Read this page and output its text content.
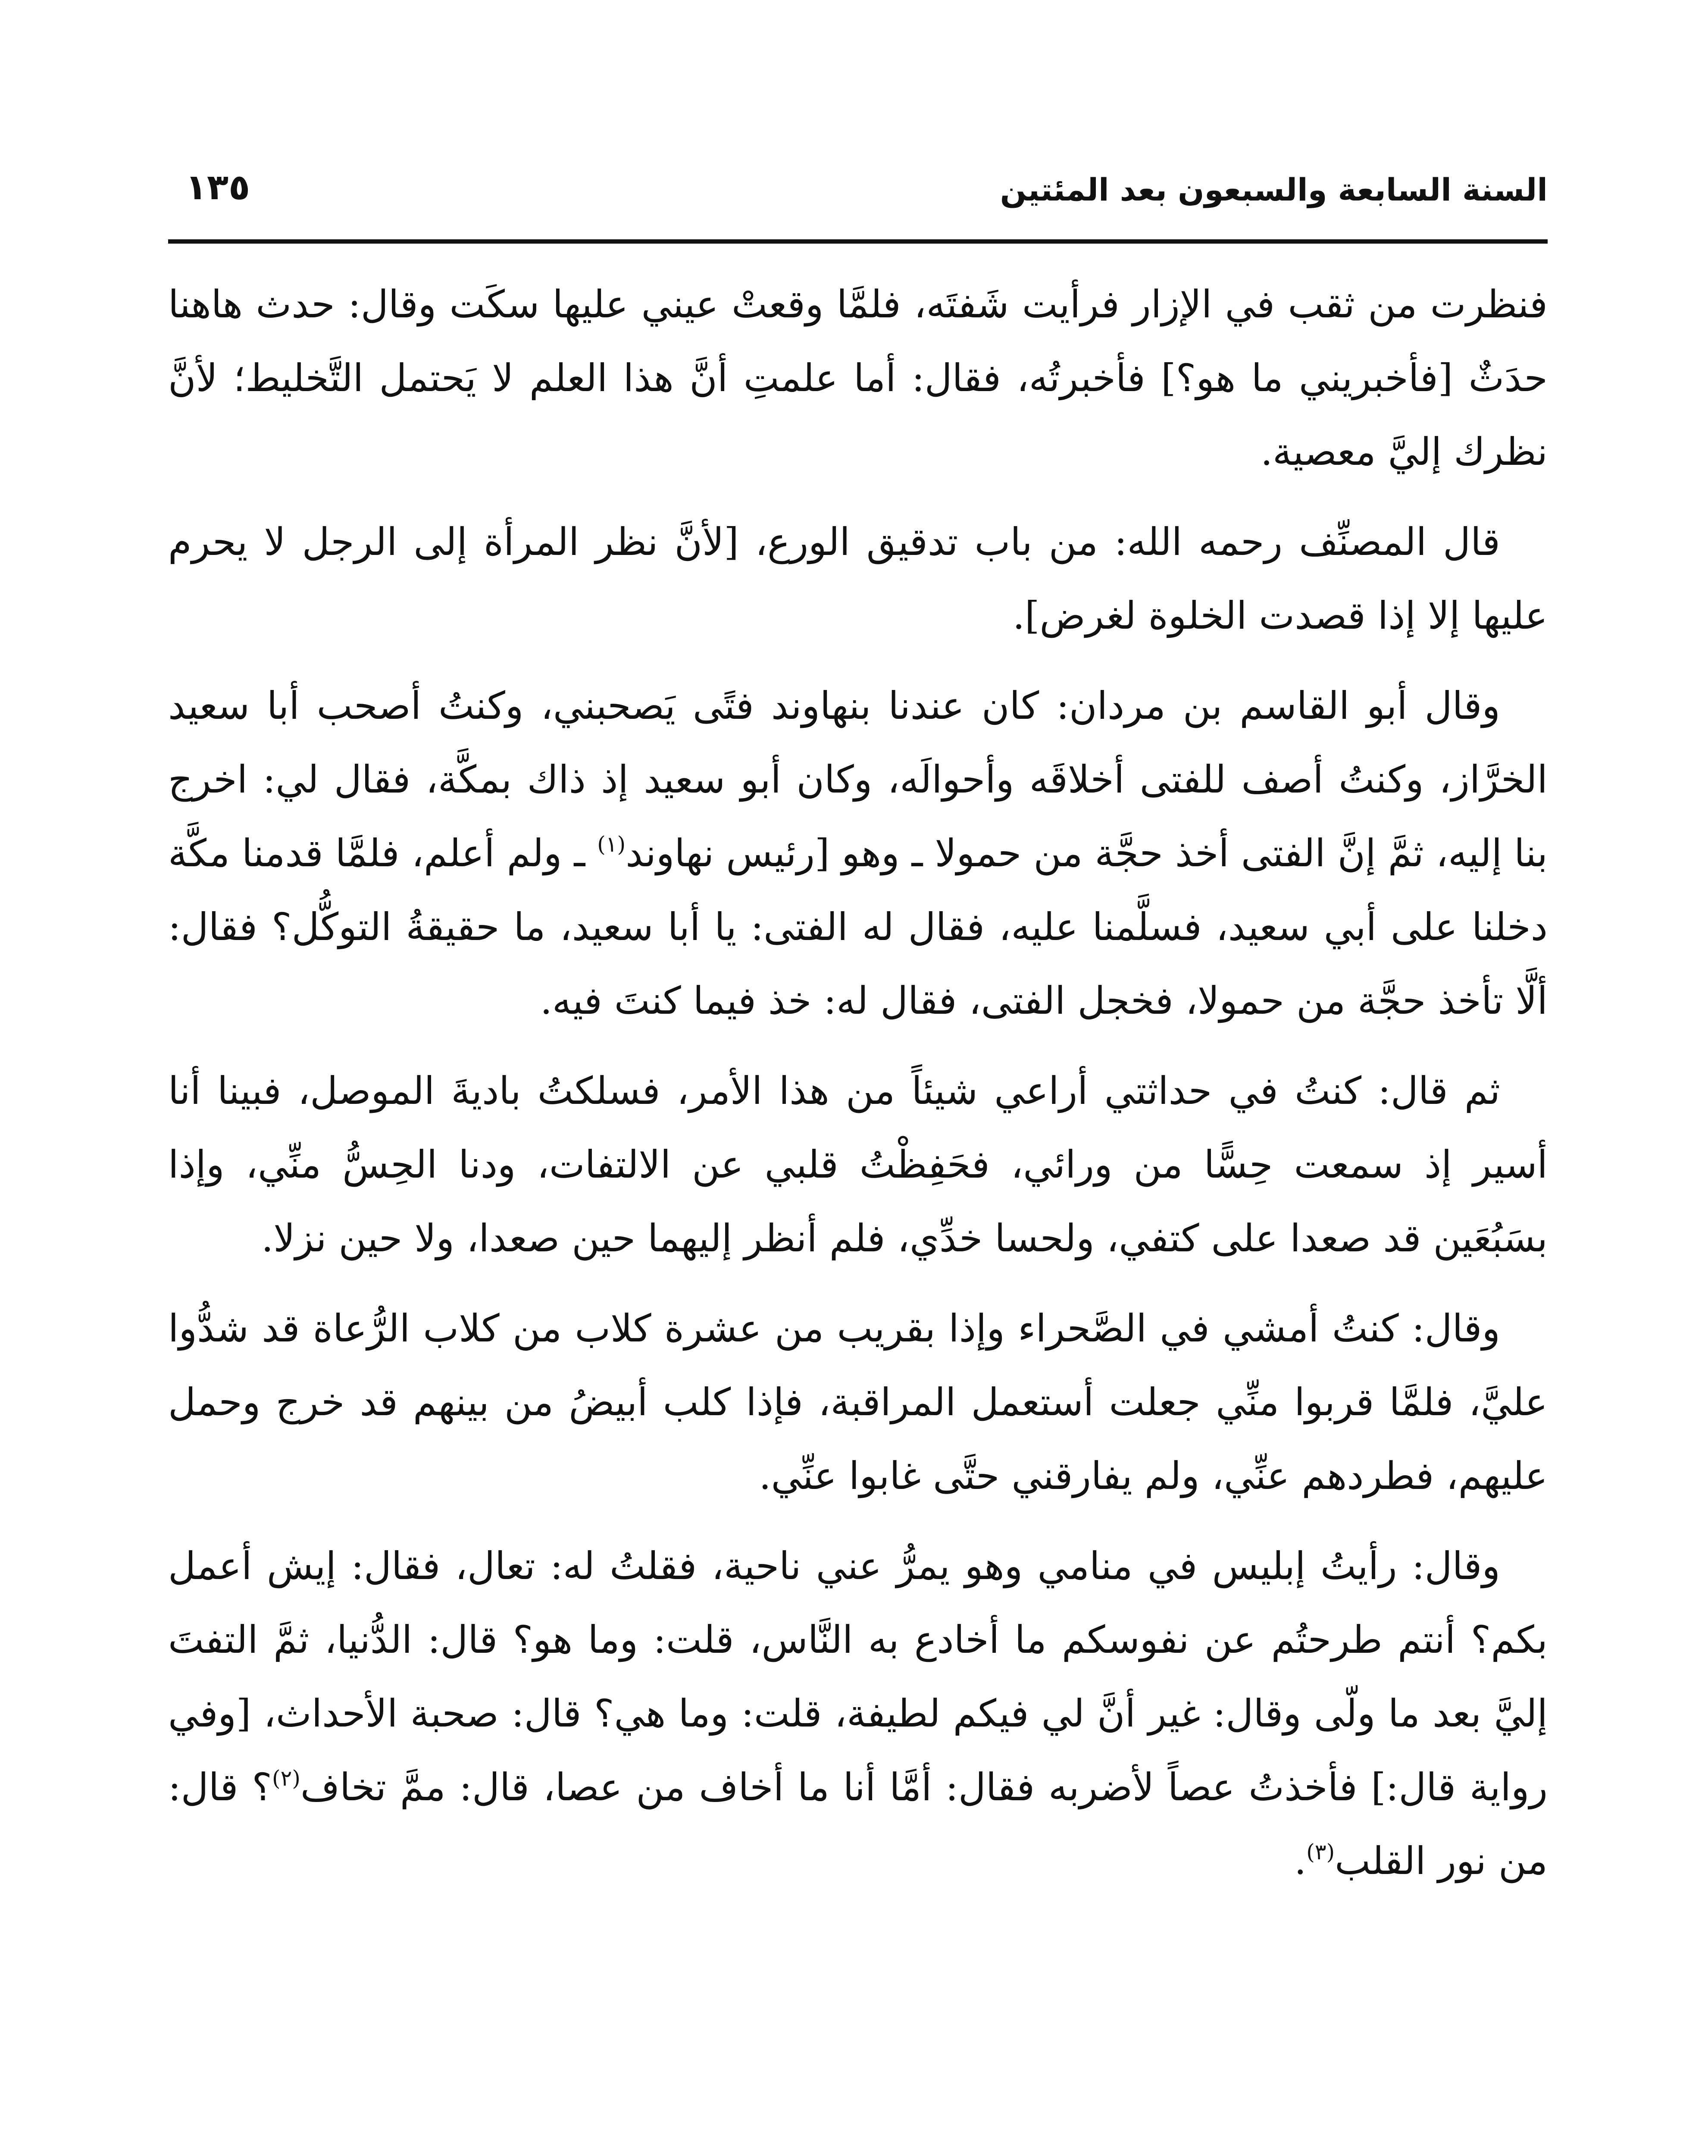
السنة السابعة والسبعون بعد المئتين
١٣٥

فنظرت من ثقب في الإزار فرأيت شَفتَه، فلمَّا وقعتْ عيني عليها سكَت وقال: حدث هاهنا حدَثٌ [فأخبريني ما هو؟] فأخبرتُه، فقال: أما علمتِ أنَّ هذا العلم لا يَحتمل التَّخليط؛ لأنَّ نظرك إليَّ معصية.

قال المصنِّف رحمه الله: من باب تدقيق الورع، [لأنَّ نظر المرأة إلى الرجل لا يحرم عليها إلا إذا قصدت الخلوة لغرض].

وقال أبو القاسم بن مردان: كان عندنا بنهاوند فتًى يَصحبني، وكنتُ أصحب أبا سعيد الخرَّاز، وكنتُ أصف للفتى أخلاقَه وأحوالَه، وكان أبو سعيد إذ ذاك بمكَّة، فقال لي: اخرج بنا إليه، ثمَّ إنَّ الفتى أخذ حجَّة من حمولا ـ وهو [رئيس نهاوند$^{(١)}$ ـ ولم أعلم، فلمَّا قدمنا مكَّة دخلنا على أبي سعيد، فسلَّمنا عليه، فقال له الفتى: يا أبا سعيد، ما حقيقةُ التوكُّل؟ فقال: ألَّا تأخذ حجَّة من حمولا، فخجل الفتى، فقال له: خذ فيما كنتَ فيه.

ثم قال: كنتُ في حداثتي أراعي شيئاً من هذا الأمر، فسلكتُ باديةَ الموصل، فبينا أنا أسير إذ سمعت حِسًّا من ورائي، فحَفِظْتُ قلبي عن الالتفات، ودنا الحِسُّ منِّي، وإذا بسَبُعَين قد صعدا على كتفي، ولحسا خدِّي، فلم أنظر إليهما حين صعدا، ولا حين نزلا.

وقال: كنتُ أمشي في الصَّحراء وإذا بقريب من عشرة كلاب من كلاب الرُّعاة قد شدُّوا عليَّ، فلمَّا قربوا منِّي جعلت أستعمل المراقبة، فإذا كلب أبيضُ من بينهم قد خرج وحمل عليهم، فطردهم عنِّي، ولم يفارقني حتَّى غابوا عنِّي.

وقال: رأيتُ إبليس في منامي وهو يمرُّ عني ناحية، فقلتُ له: تعال، فقال: إيش أعمل بكم؟ أنتم طرحتُم عن نفوسكم ما أخادع به النَّاس، قلت: وما هو؟ قال: الدُّنيا، ثمَّ التفتَ إليَّ بعد ما ولّى وقال: غير أنَّ لي فيكم لطيفة، قلت: وما هي؟ قال: صحبة الأحداث، [وفي رواية قال:] فأخذتُ عصاً لأضربه فقال: أمَّا أنا ما أخاف من عصا، قال: ممَّ تخاف$^{(٢)}$؟ قال: من نور القلب$^{(٣)}$.
